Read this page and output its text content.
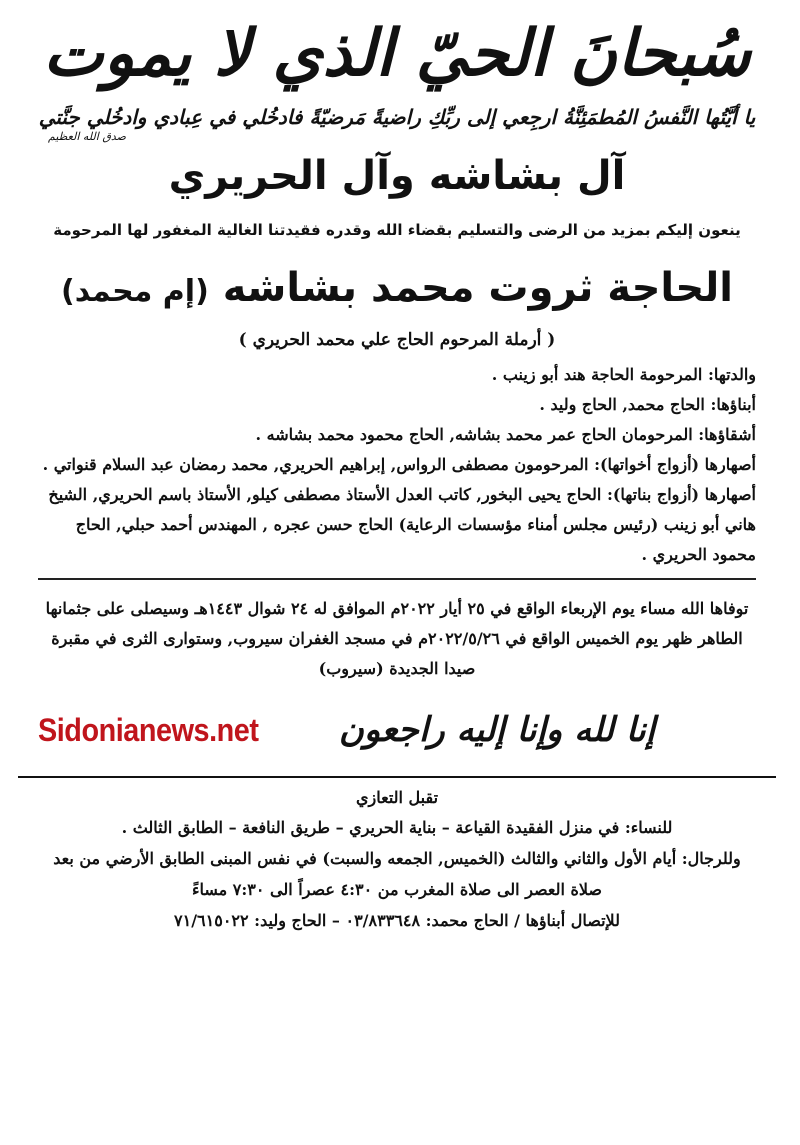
سُبحانَ الحيّ الذي لا يموت
يا أيَّتُها النَّفسُ المُطمَئِنَّةُ ارجِعي إلى ربِّكِ راضيةً مَرضيّةً فادخُلي في عِبادي وادخُلي جنَّتي
صدق الله العظيم
آل بشاشه وآل الحريري
ينعون إليكم بمزيد من الرضى والتسليم بقضاء الله وقدره فقيدتنا الغالية المغفور لها المرحومة
الحاجة ثروت محمد بشاشه (إم محمد)
( أرملة المرحوم الحاج علي محمد الحريري )

والدتها: المرحومة الحاجة هند أبو زينب .

أبناؤها: الحاج محمد, الحاج وليد .

أشقاؤها: المرحومان الحاج عمر محمد بشاشه, الحاج محمود محمد بشاشه .

أصهارها (أزواج أخواتها): المرحومون مصطفى الرواس, إبراهيم الحريري, محمد رمضان عبد السلام قنواتي .

أصهارها (أزواج بناتها): الحاج يحيى البخور, كاتب العدل الأستاذ مصطفى كيلو, الأستاذ باسم الحريري, الشيخ هاني أبو زينب (رئيس مجلس أمناء مؤسسات الرعاية) الحاج حسن عجره , المهندس أحمد حبلي, الحاج محمود الحريري .

توفاها الله مساء يوم الإربعاء الواقع في ٢٥ أيار ٢٠٢٢م الموافق له ٢٤ شوال ١٤٤٣هـ وسيصلى على جثمانها الطاهر ظهر يوم الخميس الواقع في ٢٠٢٢/٥/٢٦م في مسجد الغفران سيروب, وستوارى الثرى في مقبرة صيدا الجديدة (سيروب)
Sidonianews.net	إنا لله وإنا إليه راجعون
تقبل التعازي
للنساء: في منزل الفقيدة القياعة – بناية الحريري – طريق النافعة – الطابق الثالث .
وللرجال: أيام الأول والثاني والثالث (الخميس, الجمعه والسبت) في نفس المبنى الطابق الأرضي من بعد صلاة العصر الى صلاة المغرب من ٤:٣٠ عصراً الى ٧:٣٠ مساءً
للإتصال أبناؤها / الحاج محمد: ٠٣/٨٣٣٦٤٨ – الحاج وليد: ٧١/٦١٥٠٢٢
